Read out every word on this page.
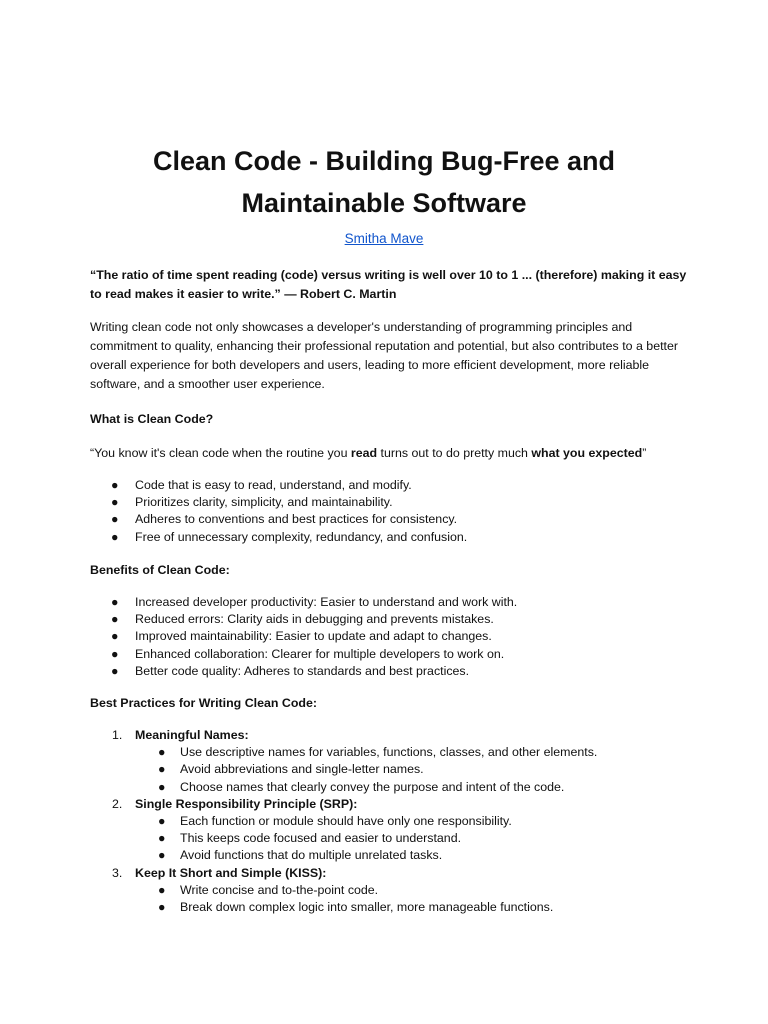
Clean Code - Building Bug-Free and
Maintainable Software
Smitha Mave
“The ratio of time spent reading (code) versus writing is well over 10 to 1 ... (therefore) making it easy to read makes it easier to write.” — Robert C. Martin
Writing clean code not only showcases a developer's understanding of programming principles and commitment to quality, enhancing their professional reputation and potential, but also contributes to a better overall experience for both developers and users, leading to more efficient development, more reliable software, and a smoother user experience.
What is Clean Code?
“You know it's clean code when the routine you read turns out to do pretty much what you expected”
● Code that is easy to read, understand, and modify.
● Prioritizes clarity, simplicity, and maintainability.
● Adheres to conventions and best practices for consistency.
● Free of unnecessary complexity, redundancy, and confusion.
Benefits of Clean Code:
● Increased developer productivity: Easier to understand and work with.
● Reduced errors: Clarity aids in debugging and prevents mistakes.
● Improved maintainability: Easier to update and adapt to changes.
● Enhanced collaboration: Clearer for multiple developers to work on.
● Better code quality: Adheres to standards and best practices.
Best Practices for Writing Clean Code:
1. Meaningful Names:
● Use descriptive names for variables, functions, classes, and other elements.
● Avoid abbreviations and single-letter names.
● Choose names that clearly convey the purpose and intent of the code.
2. Single Responsibility Principle (SRP):
● Each function or module should have only one responsibility.
● This keeps code focused and easier to understand.
● Avoid functions that do multiple unrelated tasks.
3. Keep It Short and Simple (KISS):
● Write concise and to-the-point code.
● Break down complex logic into smaller, more manageable functions.
